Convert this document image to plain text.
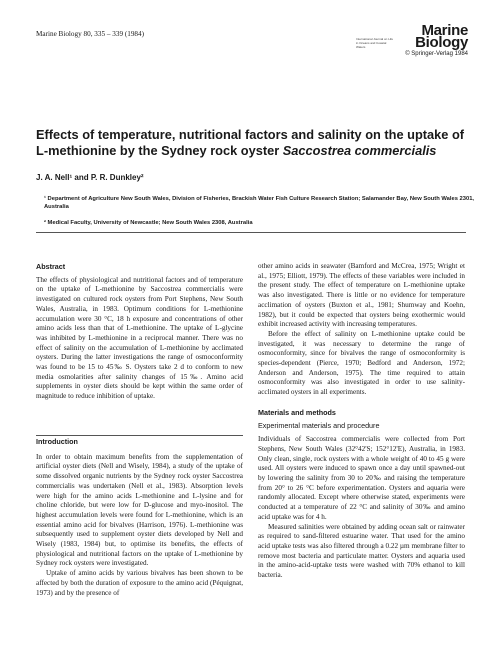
Marine Biology 80, 335 – 339 (1984)	Marine
Biology
International Journal on Life in Oceans and Coastal Waters
© Springer-Verlag 1984
Effects of temperature, nutritional factors and salinity on the uptake of L-methionine by the Sydney rock oyster Saccostrea commercialis
J. A. Nell¹ and P. R. Dunkley²

¹ Department of Agriculture New South Wales, Division of Fisheries, Brackish Water Fish Culture Research Station; Salamander Bay, New South Wales 2301, Australia

² Medical Faculty, University of Newcastle; New South Wales 2308, Australia

Abstract

The effects of physiological and nutritional factors and of temperature on the uptake of L-methionine by Saccostrea commercialis were investigated on cultured rock oysters from Port Stephens, New South Wales, Australia, in 1983. Optimum conditions for L-methionine accumulation were 30 °C, 18 h exposure and concentrations of other amino acids less than that of L-methionine. The uptake of L-glycine was inhibited by L-methionine in a reciprocal manner. There was no effect of salinity on the accumulation of L-methionine by acclimated oysters. During the latter investigations the range of osmoconformity was found to be 15 to 45‰ S. Oysters take 2 d to conform to new media osmolarities after salinity changes of 15‰. Amino acid supplements in oyster diets should be kept within the same order of magnitude to reduce inhibition of uptake.

Introduction

In order to obtain maximum benefits from the supplementation of artificial oyster diets (Nell and Wisely, 1984), a study of the uptake of some dissolved organic nutrients by the Sydney rock oyster Saccostrea commercialis was undertaken (Nell et al., 1983). Absorption levels were high for the amino acids L-methionine and L-lysine and for choline chloride, but were low for D-glucose and myo-inositol. The highest accumulation levels were found for L-methionine, which is an essential amino acid for bivalves (Harrison, 1976). L-methionine was subsequently used to supplement oyster diets developed by Nell and Wisely (1983, 1984) but, to optimise its benefits, the effects of physiological and nutritional factors on the uptake of L-methionine by Sydney rock oysters were investigated.

Uptake of amino acids by various bivalves has been shown to be affected by both the duration of exposure to the amino acid (Péquignat, 1973) and by the presence of

other amino acids in seawater (Bamford and McCrea, 1975; Wright et al., 1975; Elliott, 1979). The effects of these variables were included in the present study. The effect of temperature on L-methionine uptake was also investigated. There is little or no evidence for temperature acclimation of oysters (Buxton et al., 1981; Shumway and Koehn, 1982), but it could be expected that oysters being exothermic would exhibit increased activity with increasing temperatures.

Before the effect of salinity on L-methionine uptake could be investigated, it was necessary to determine the range of osmoconformity, since for bivalves the range of osmoconformity is species-dependent (Pierce, 1970; Bedford and Anderson, 1972; Anderson and Anderson, 1975). The time required to attain osmoconformity was also investigated in order to use salinity-acclimated oysters in all experiments.

Materials and methods
Experimental materials and procedure

Individuals of Saccostrea commercialis were collected from Port Stephens, New South Wales (32°42'S; 152°12'E), Australia, in 1983. Only clean, single, rock oysters with a whole weight of 40 to 45 g were used. All oysters were induced to spawn once a day until spawned-out by lowering the salinity from 30 to 20‰ and raising the temperature from 20° to 26 °C before experimentation. Oysters and aquaria were randomly allocated. Except where otherwise stated, experiments were conducted at a temperature of 22 °C and salinity of 30‰ and amino acid uptake was for 4 h.

Measured salinities were obtained by adding ocean salt or rainwater as required to sand-filtered estuarine water. That used for the amino acid uptake tests was also filtered through a 0.22 µm membrane filter to remove most bacteria and particulate matter. Oysters and aquaria used in the amino-acid-uptake tests were washed with 70% ethanol to kill bacteria.
